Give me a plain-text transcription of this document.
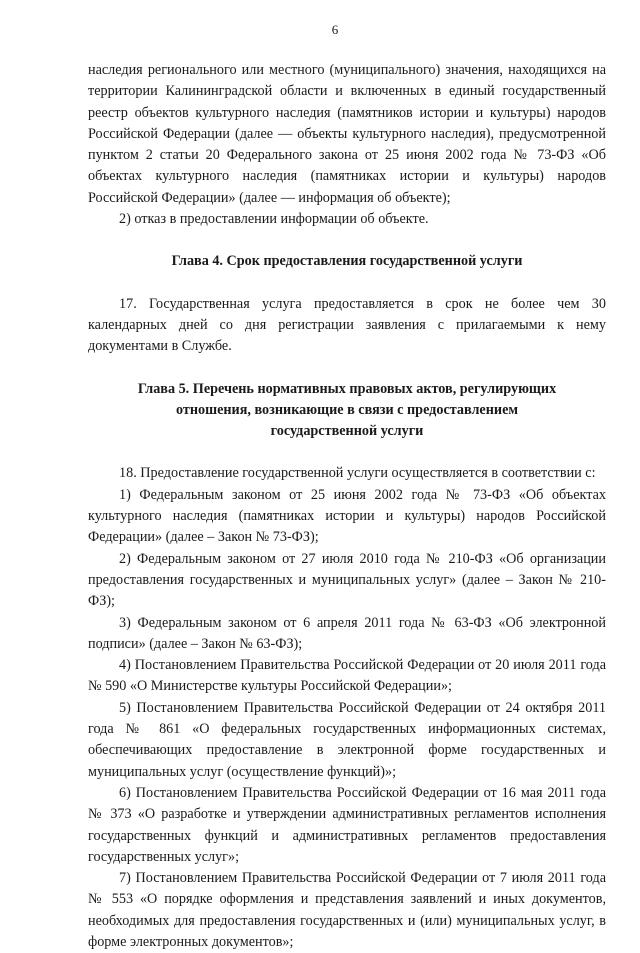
6

наследия регионального или местного (муниципального) значения, находящихся на территории Калининградской области и включенных в единый государственный реестр объектов культурного наследия (памятников истории и культуры) народов Российской Федерации (далее — объекты культурного наследия), предусмотренной пунктом 2 статьи 20 Федерального закона от 25 июня 2002 года № 73-ФЗ «Об объектах культурного наследия (памятниках истории и культуры) народов Российской Федерации» (далее — информация об объекте);

2) отказ в предоставлении информации об объекте.

Глава 4. Срок предоставления государственной услуги

17. Государственная услуга предоставляется в срок не более чем 30 календарных дней со дня регистрации заявления с прилагаемыми к нему документами в Службе.

Глава 5. Перечень нормативных правовых актов, регулирующих

отношения, возникающие в связи с предоставлением

государственной услуги

18. Предоставление государственной услуги осуществляется в соответствии с:

1) Федеральным законом от 25 июня 2002 года № 73-ФЗ «Об объектах культурного наследия (памятниках истории и культуры) народов Российской Федерации» (далее – Закон № 73-ФЗ);

2) Федеральным законом от 27 июля 2010 года № 210-ФЗ «Об организации предоставления государственных и муниципальных услуг» (далее – Закон № 210-ФЗ);

3) Федеральным законом от 6 апреля 2011 года № 63-ФЗ «Об электронной подписи» (далее – Закон № 63-ФЗ);

4) Постановлением Правительства Российской Федерации от 20 июля 2011 года № 590 «О Министерстве культуры Российской Федерации»;

5) Постановлением Правительства Российской Федерации от 24 октября 2011 года № 861 «О федеральных государственных информационных системах, обеспечивающих предоставление в электронной форме государственных и муниципальных услуг (осуществление функций)»;

6) Постановлением Правительства Российской Федерации от 16 мая 2011 года № 373 «О разработке и утверждении административных регламентов исполнения государственных функций и административных регламентов предоставления государственных услуг»;

7) Постановлением Правительства Российской Федерации от 7 июля 2011 года № 553 «О порядке оформления и представления заявлений и иных документов, необходимых для предоставления государственных и (или) муниципальных услуг, в форме электронных документов»;
